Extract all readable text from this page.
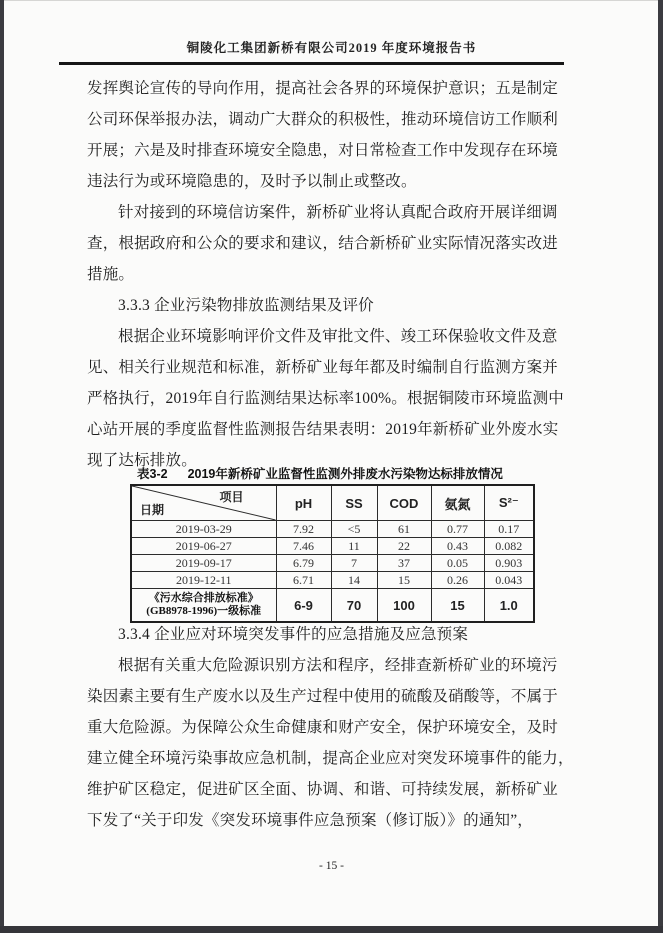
铜陵化工集团新桥有限公司2019 年度环境报告书
发挥舆论宣传的导向作用，提高社会各界的环境保护意识；五是制定
公司环保举报办法，调动广大群众的积极性，推动环境信访工作顺利
开展；六是及时排查环境安全隐患，对日常检查工作中发现存在环境
违法行为或环境隐患的，及时予以制止或整改。
针对接到的环境信访案件，新桥矿业将认真配合政府开展详细调
查，根据政府和公众的要求和建议，结合新桥矿业实际情况落实改进
措施。
3.3.3 企业污染物排放监测结果及评价
根据企业环境影响评价文件及审批文件、竣工环保验收文件及意
见、相关行业规范和标准，新桥矿业每年都及时编制自行监测方案并
严格执行，2019年自行监测结果达标率100%。根据铜陵市环境监测中
心站开展的季度监督性监测报告结果表明：2019年新桥矿业外废水实
现了达标排放。
表3-2 2019年新桥矿业监督性监测外排废水污染物达标排放情况
项目
日期	pH	SS	COD	氨氮	S²⁻
2019-03-29	7.92	<5	61	0.77	0.17
2019-06-27	7.46	11	22	0.43	0.082
2019-09-17	6.79	7	37	0.05	0.903
2019-12-11	6.71	14	15	0.26	0.043

《污水综合排放标准》
(GB8978-1996)一级标准	6-9	70	100	15	1.0
3.3.4 企业应对环境突发事件的应急措施及应急预案
根据有关重大危险源识别方法和程序，经排查新桥矿业的环境污
染因素主要有生产废水以及生产过程中使用的硫酸及硝酸等，不属于
重大危险源。为保障公众生命健康和财产安全，保护环境安全，及时
建立健全环境污染事故应急机制，提高企业应对突发环境事件的能力，
维护矿区稳定，促进矿区全面、协调、和谐、可持续发展，新桥矿业
下发了“关于印发《突发环境事件应急预案（修订版）》的通知”，
- 15 -
